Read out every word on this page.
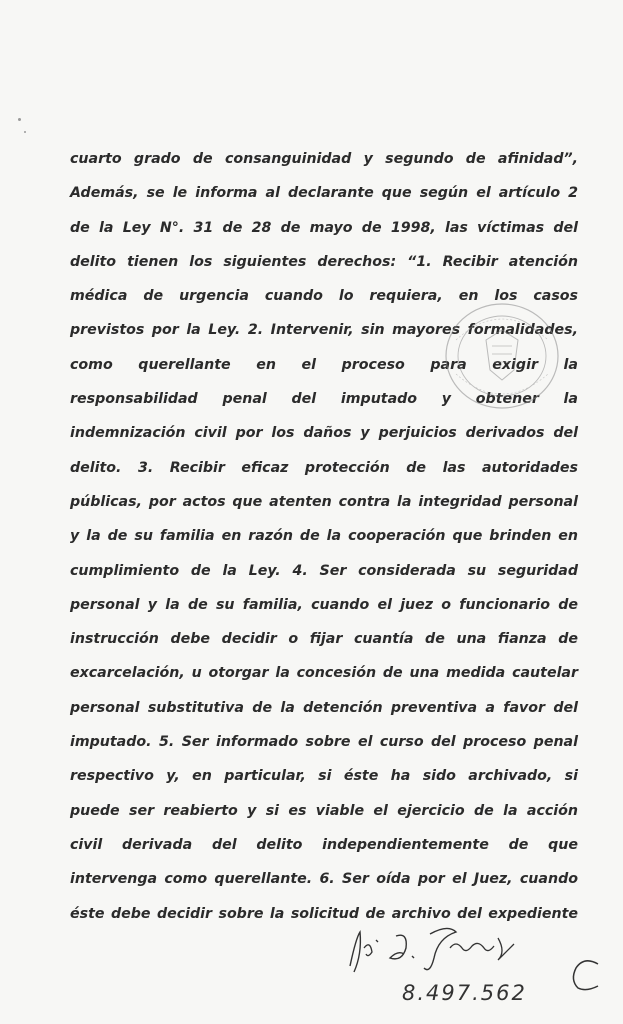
cuarto grado de consanguinidad y segundo de afinidad”,
Además, se le informa al declarante que según el artículo 2
de la Ley N°. 31 de 28 de mayo de 1998, las víctimas del
delito tienen los siguientes derechos: “1. Recibir atención
médica de urgencia cuando lo requiera, en los casos
previstos por la Ley. 2. Intervenir, sin mayores formalidades,
como querellante en el proceso para exigir la
responsabilidad penal del imputado y obtener la
indemnización civil por los daños y perjuicios derivados del
delito. 3. Recibir eficaz protección de las autoridades
públicas, por actos que atenten contra la integridad personal
y la de su familia en razón de la cooperación que brinden en
cumplimiento de la Ley. 4. Ser considerada su seguridad
personal y la de su familia, cuando el juez o funcionario de
instrucción debe decidir o fijar cuantía de una fianza de
excarcelación, u otorgar la concesión de una medida cautelar
personal substitutiva de la detención preventiva a favor del
imputado. 5. Ser informado sobre el curso del proceso penal
respectivo y, en particular, si éste ha sido archivado, si
puede ser reabierto y si es viable el ejercicio de la acción
civil derivada del delito independientemente de que
intervenga como querellante. 6. Ser oída por el Juez, cuando
éste debe decidir sobre la solicitud de archivo del expediente
8.497.562
